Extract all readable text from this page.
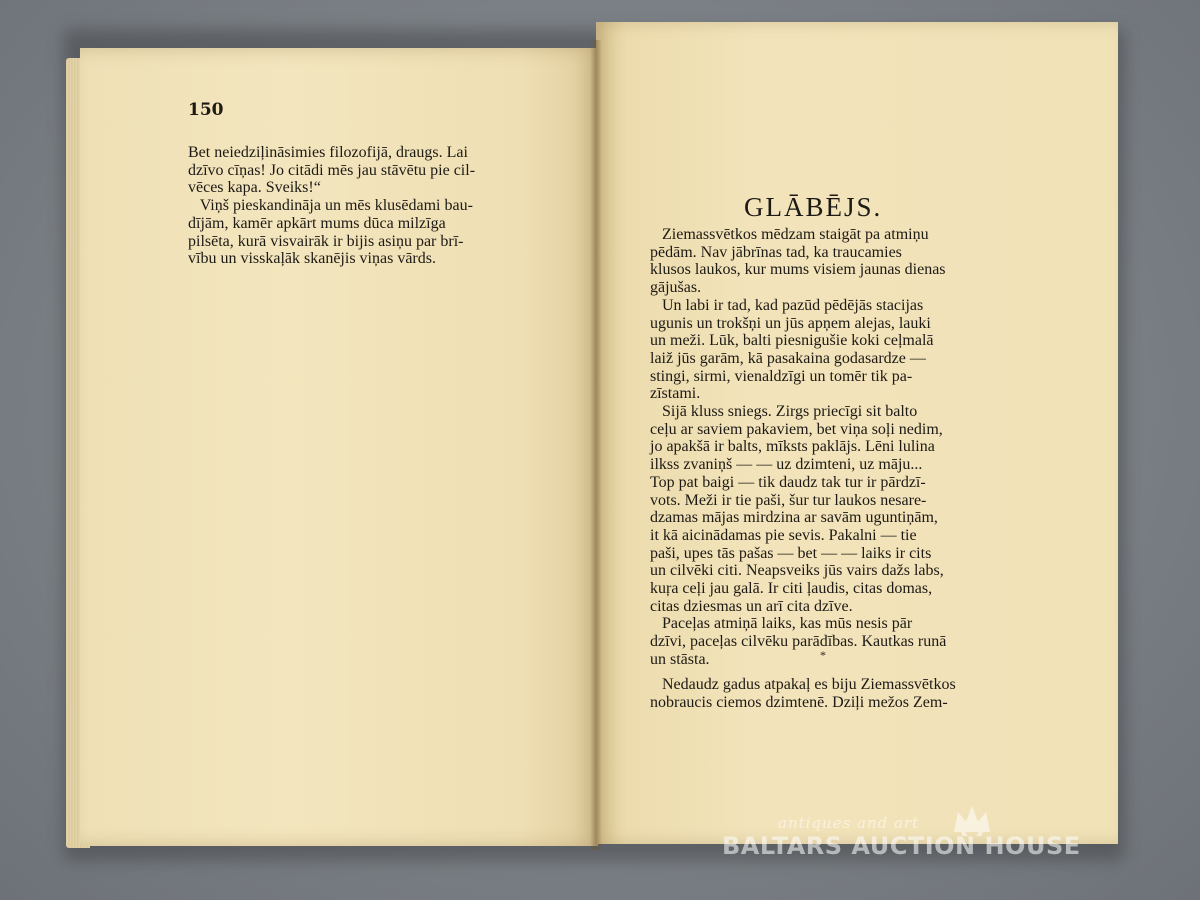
150
Bet neiedziļināsimies filozofijā, draugs. Lai
dzīvo cīņas! Jo citādi mēs jau stāvētu pie cil-
vēces kapa. Sveiks!“
Viņš pieskandināja un mēs klusēdami bau-
dījām, kamēr apkārt mums dūca milzīga
pilsēta, kurā visvairāk ir bijis asiņu par brī-
vību un visskaļāk skanējis viņas vārds.
GLĀBĒJS.
Ziemassvētkos mēdzam staigāt pa atmiņu
pēdām. Nav jābrīnas tad, ka traucamies
klusos laukos, kur mums visiem jaunas dienas
gājušas.
Un labi ir tad, kad pazūd pēdējās stacijas
ugunis un trokšņi un jūs apņem alejas, lauki
un meži. Lūk, balti piesnigušie koki ceļmalā
laiž jūs garām, kā pasakaina godasardze —
stingi, sirmi, vienaldzīgi un tomēr tik pa-
zīstami.
Sijā kluss sniegs. Zirgs priecīgi sit balto
ceļu ar saviem pakaviem, bet viņa soļi nedim,
jo apakšā ir balts, mīksts paklājs. Lēni lulina
ilkss zvaniņš — — uz dzimteni, uz māju...
Top pat baigi — tik daudz tak tur ir pārdzī-
vots. Meži ir tie paši, šur tur laukos nesare-
dzamas mājas mirdzina ar savām uguntiņām,
it kā aicinādamas pie sevis. Pakalni — tie
paši, upes tās pašas — bet — — laiks ir cits
un cilvēki citi. Neapsveiks jūs vairs dažs labs,
kuŗa ceļi jau galā. Ir citi ļaudis, citas domas,
citas dziesmas un arī cita dzīve.
Paceļas atmiņā laiks, kas mūs nesis pār
dzīvi, paceļas cilvēku parādības. Kautkas runā
un stāsta.	*
Nedaudz gadus atpakaļ es biju Ziemassvētkos
nobraucis ciemos dzimtenē. Dziļi mežos Zem-
antiques and art
BALTARS AUCTION HOUSE
